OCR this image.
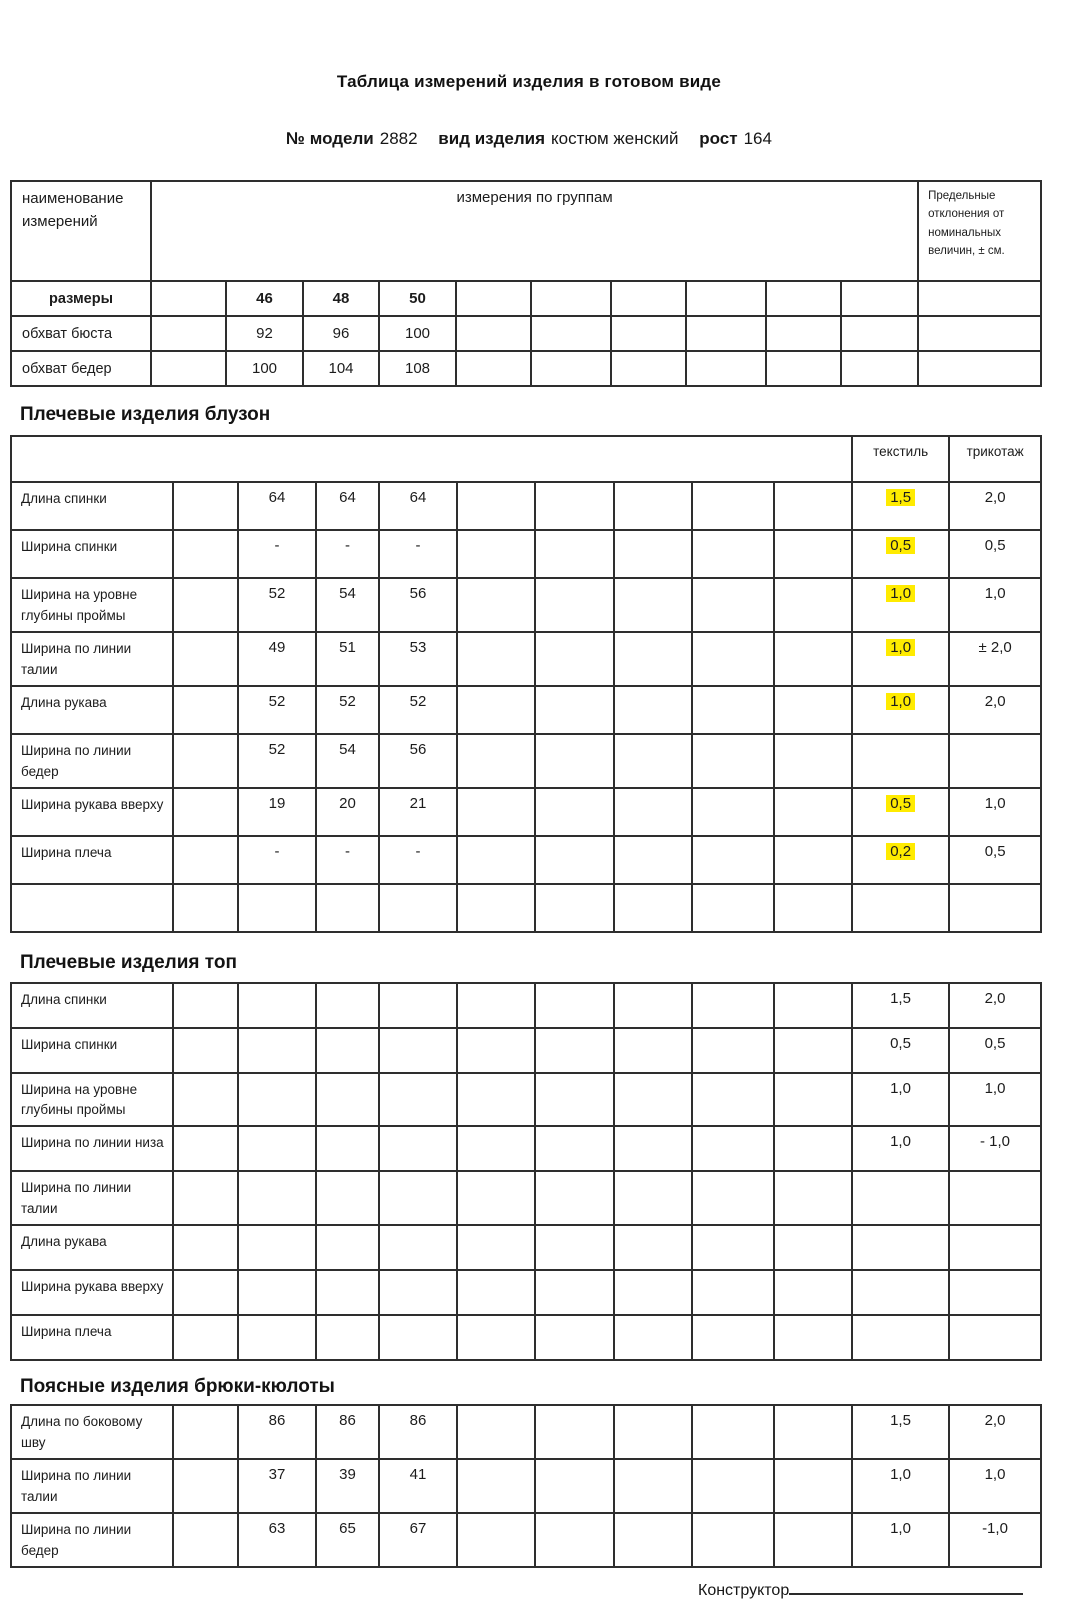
Таблица измерений изделия в готовом виде
№ модели 2882 вид изделия костюм женский рост 164
наименование измерений	измерения по группам										Предельные отклонения от номинальных величин, ± см.
размеры		46	48	50							
обхват бюста		92	96	100							
обхват бедер		100	104	108							
Плечевые изделия блузон
										текстиль	трикотаж
Длина спинки		64	64	64						1,5	2,0
Ширина спинки		-	-	-						0,5	0,5
Ширина на уровне глубины проймы		52	54	56						1,0	1,0
Ширина по линии талии		49	51	53						1,0	± 2,0
Длина рукава		52	52	52						1,0	2,0
Ширина по линии бедер		52	54	56							
Ширина рукава вверху		19	20	21						0,5	1,0
Ширина плеча		-	-	-						0,2	0,5

Плечевые изделия топ
Длина спинки										1,5	2,0
Ширина спинки										0,5	0,5
Ширина на уровне глубины проймы										1,0	1,0
Ширина по линии низа										1,0	- 1,0
Ширина по линии талии											
Длина рукава											
Ширина рукава вверху											
Ширина плеча											
Поясные изделия брюки-кюлоты
Длина по боковому шву		86	86	86						1,5	2,0
Ширина по линии талии		37	39	41						1,0	1,0
Ширина по линии бедер		63	65	67						1,0	-1,0
Конструктор
